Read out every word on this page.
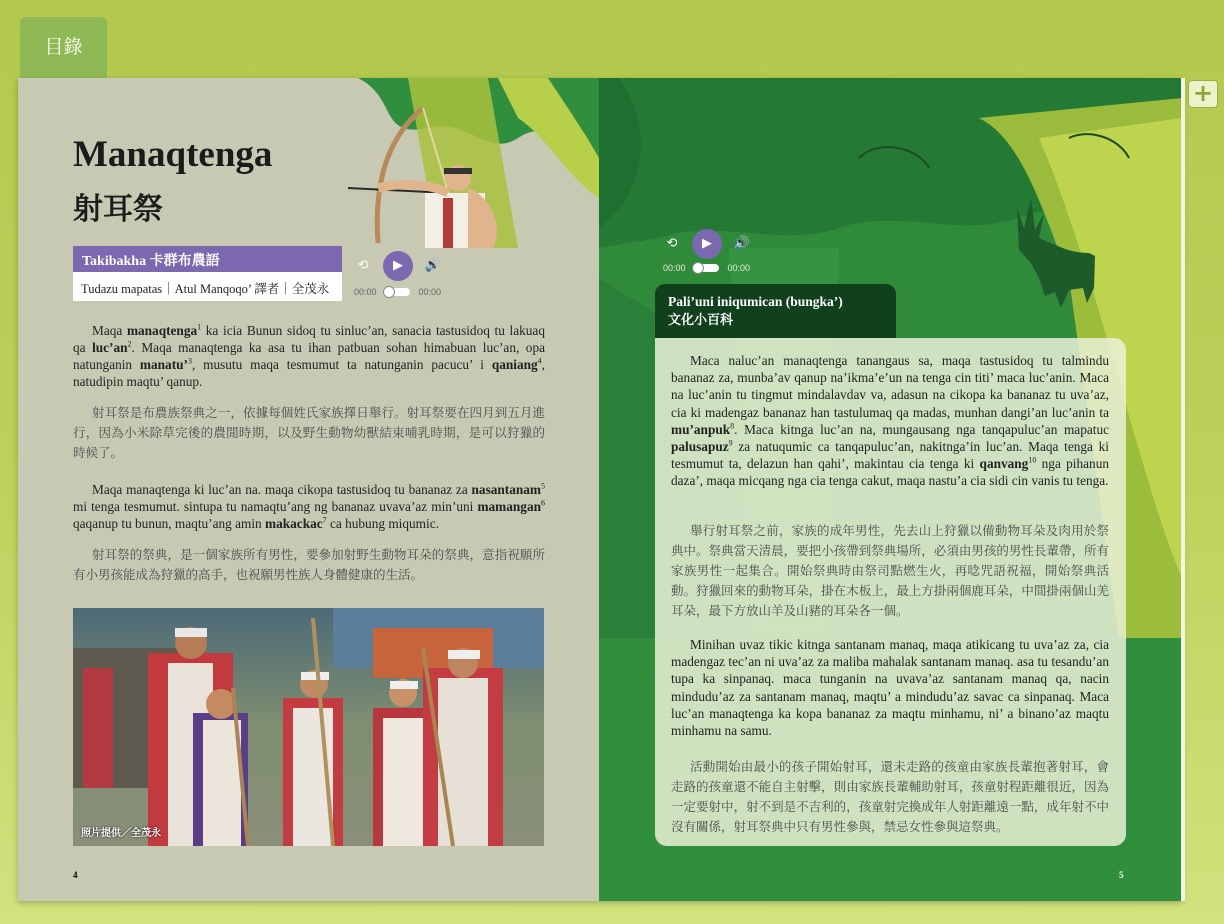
目錄
+
Manaqtenga
射耳祭
Takibakha 卡群布農語
Tudazu mapatas｜Atul Manqoqo’ 譯者｜全茂永
⟲	▶	🔊
00:00	00:00
Maqa manaqtenga$^1$ ka icia Bunun sidoq tu sinluc’an, sanacia tastusidoq tu lakuaq qa $luc’an^2$. Maqa manaqtenga ka asa tu ihan patbuan sohan himabuan luc’an, opa natunganin manatu’$^3$, musutu maqa tesmumut ta natunganin pacucu’ i qaniang$^4$, natudipin maqtu’ qanup.
射耳祭是布農族祭典之一，依據每個姓氏家族擇日舉行。射耳祭要在四月到五月進行，因為小米除草完後的農閒時期，以及野生動物幼獸結束哺乳時期，是可以狩獵的時候了。
Maqa manaqtenga ki luc’an na. maqa cikopa tastusidoq tu bananaz za nasantanam$^5$ mi tenga tesmumut. sintupa tu namaqtu’ang ng bananaz uvava’az min’uni mamangan$^6$ qaqanup tu bunun, maqtu’ang amin makackac$^7$ ca hubung miqumic.
射耳祭的祭典，是一個家族所有男性，要參加射野生動物耳朵的祭典，意指祝願所有小男孩能成為狩獵的高手，也祝願男性族人身體健康的生活。
照片提供／全茂永
4
⟲	▶	🔊
00:00	00:00
Pali’uni iniqumican (bungka’)
文化小百科
Maca naluc’an manaqtenga tanangaus sa, maqa tastusidoq tu talmindu bananaz za, munba’av qanup na’ikma’e’un na tenga cin titi’ maca luc’anin. Maca na luc’anin tu tingmut mindalavdav va, adasun na cikopa ka bananaz tu uva’az, cia ki madengaz bananaz han tastulumaq qa madas, munhan dangi’an luc’anin ta mu’anpuk$^8$. Maca kitnga luc’an na, mungausang nga tanqapuluc’an mapatuc palusapuz$^9$ za natuqumic ca tanqapuluc’an, nakitnga’in luc’an. Maqa tenga ki tesmumut ta, delazun han qahi’, makintau cia tenga ki qanvang$^{10}$ nga pihanun daza’, maqa micqang nga cia tenga cakut, maqa nastu’a cia sidi cin vanis tu tenga.
舉行射耳祭之前，家族的成年男性，先去山上狩獵以備動物耳朵及肉用於祭典中。祭典當天清晨，要把小孩帶到祭典場所，必須由男孩的男性長輩帶，所有家族男性一起集合。開始祭典時由祭司點燃生火，再唸咒語祝福，開始祭典活動。狩獵回來的動物耳朵，掛在木板上，最上方掛兩個鹿耳朵，中間掛兩個山羌耳朵，最下方放山羊及山豬的耳朵各一個。
Minihan uvaz tikic kitnga santanam manaq, maqa atikicang tu uva’az za, cia madengaz tec’an ni uva’az za maliba mahalak santanam manaq. asa tu tesandu’an tupa ka sinpanaq. maca tunganin na uvava’az santanam manaq qa, nacin mindudu’az za santanam manaq, maqtu’ a mindudu’az savac ca sinpanaq. Maca luc’an manaqtenga ka kopa bananaz za maqtu minhamu, ni’ a binano’az maqtu minhamu na samu.
活動開始由最小的孩子開始射耳，還未走路的孩童由家族長輩抱著射耳，會走路的孩童還不能自主射擊，則由家族長輩輔助射耳，孩童射程距離很近，因為一定要射中，射不到是不吉利的，孩童射完換成年人射距離遠一點，成年射不中沒有關係，射耳祭典中只有男性參與，禁忌女性參與這祭典。
5
